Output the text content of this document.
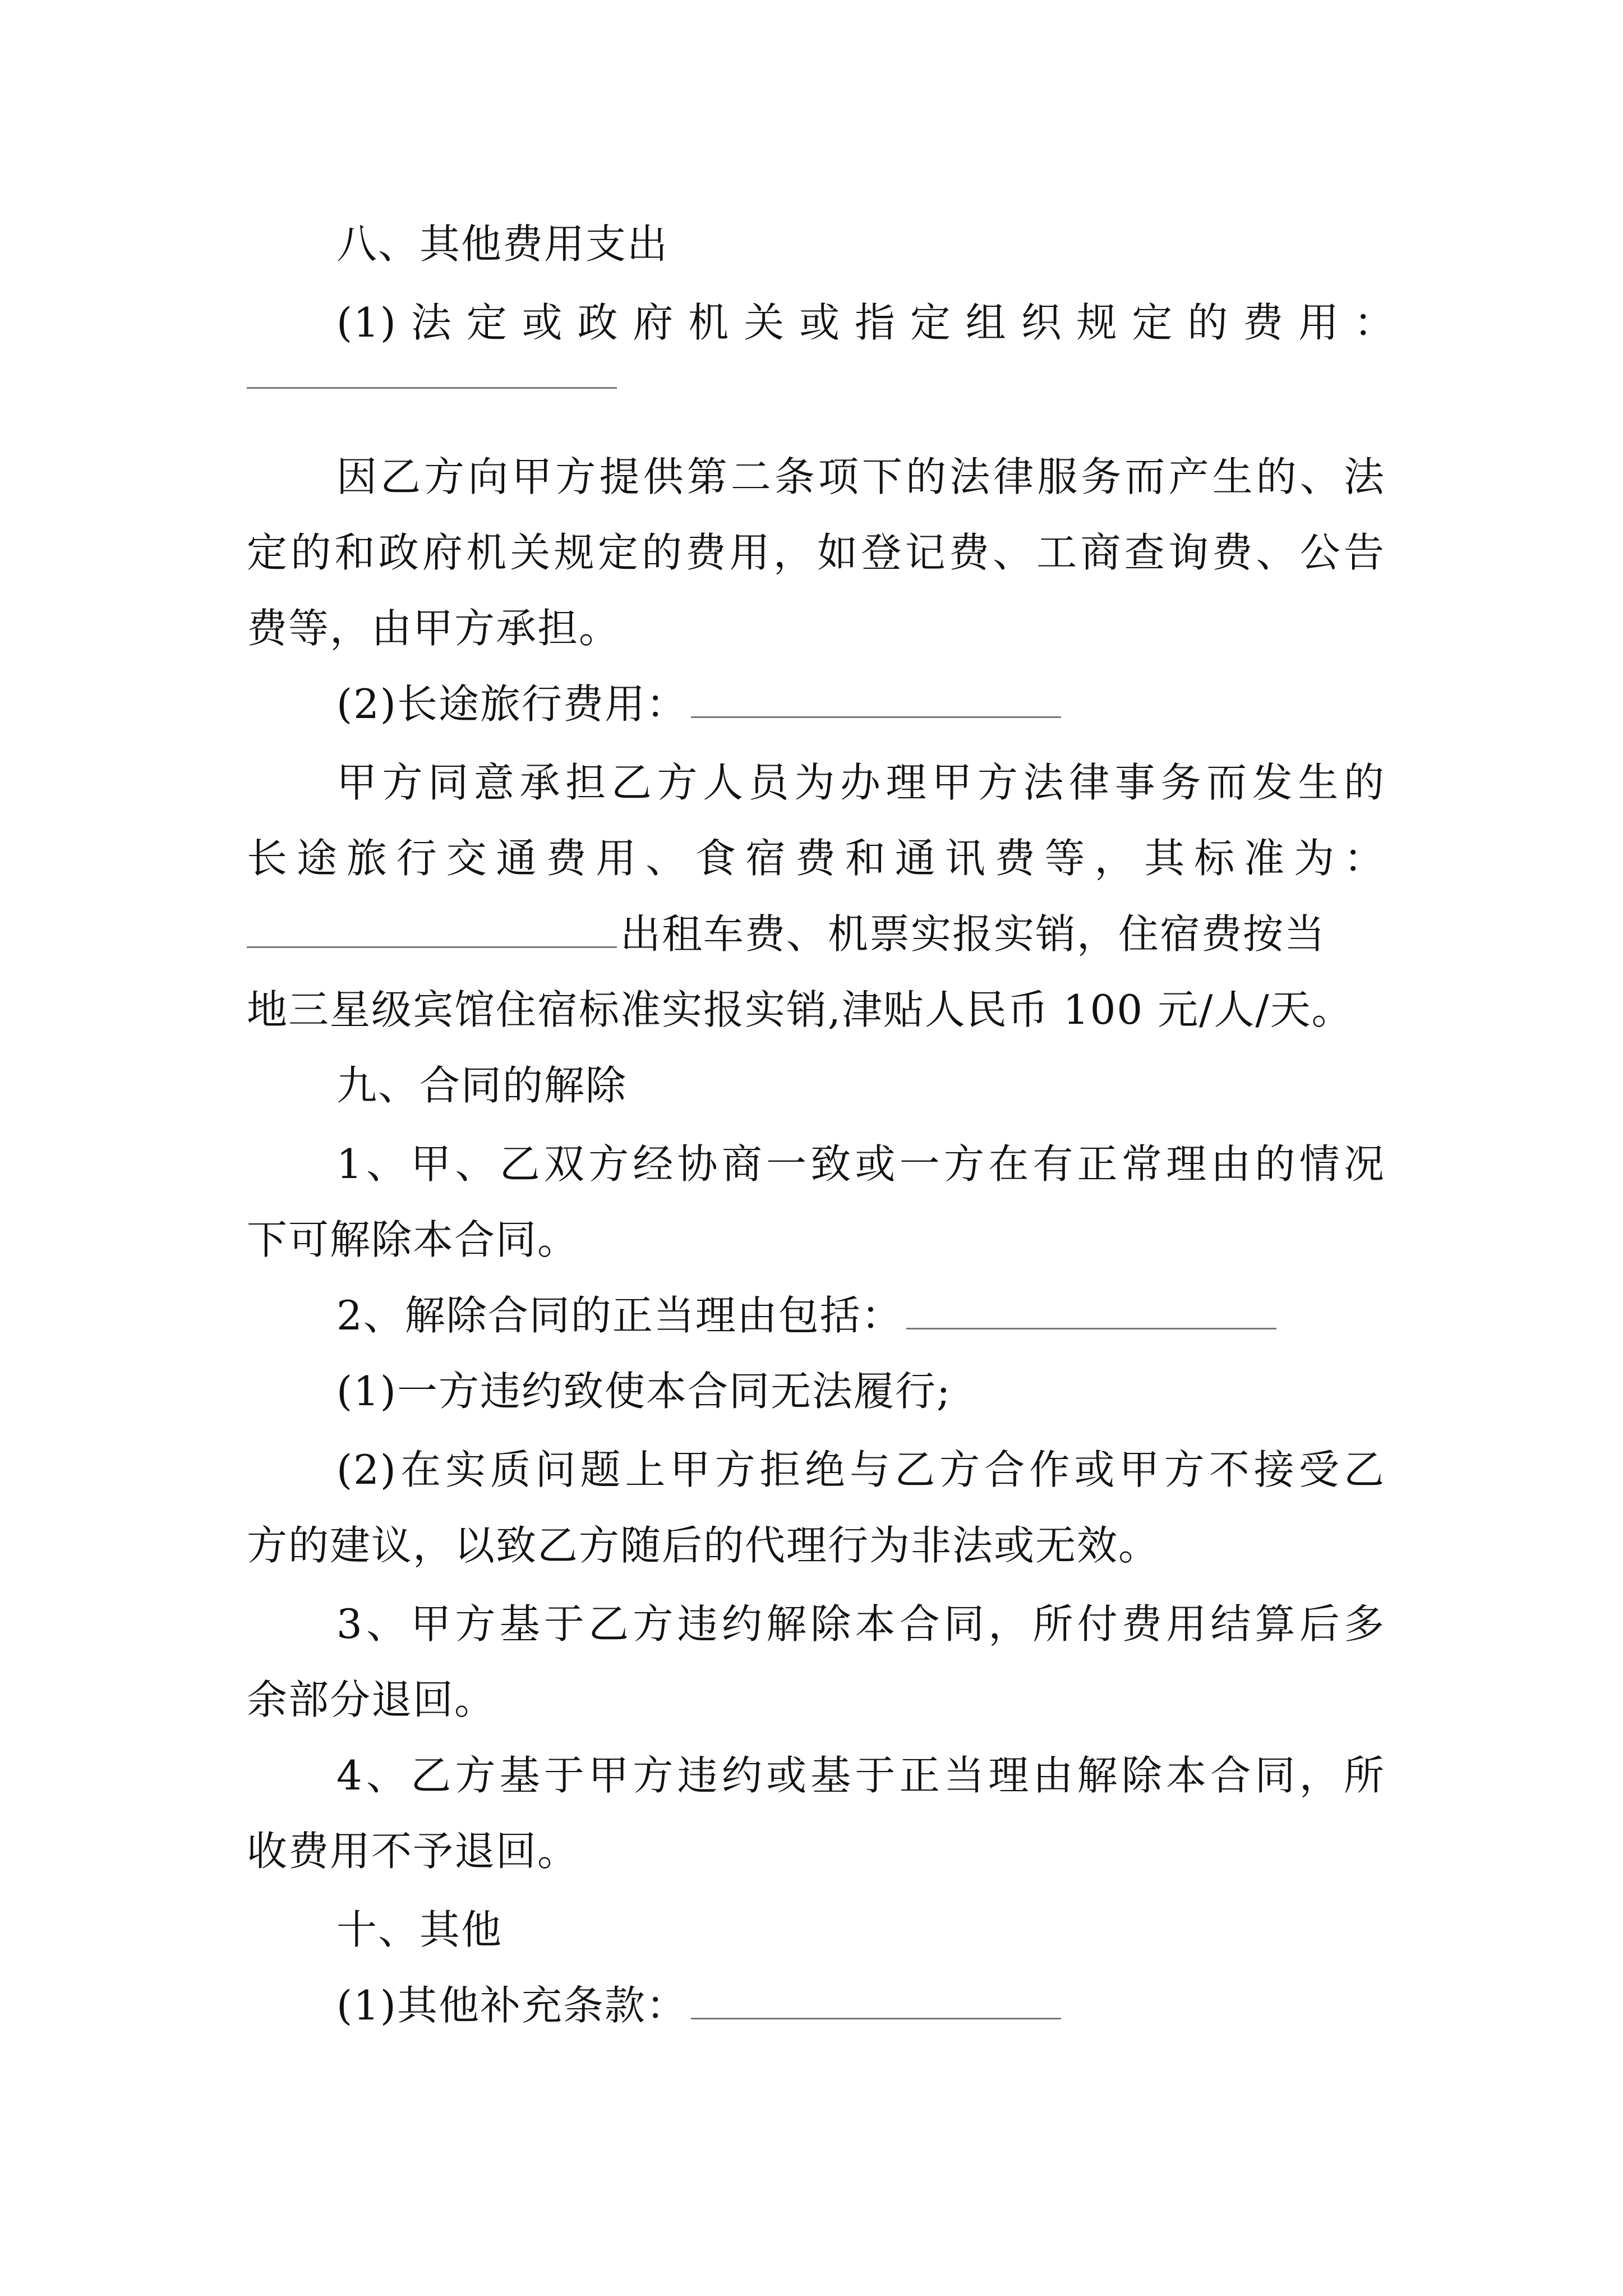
八、其他费用支出
(1) 法 定 或 政 府 机 关 或 指 定 组 织 规 定 的 费 用 ：
因乙方向甲方提供第二条项下的法律服务而产生的、法
定的和政府机关规定的费用，如登记费、工商查询费、公告
费等，由甲方承担。
(2)长途旅行费用：
甲方同意承担乙方人员为办理甲方法律事务而发生的
长途旅行交通费用、食宿费和通讯费等，其标准为：
出租车费、机票实报实销，住宿费按当
地三星级宾馆住宿标准实报实销,津贴人民币 100 元/人/天。
九、合同的解除
1、甲、乙双方经协商一致或一方在有正常理由的情况
下可解除本合同。
2、解除合同的正当理由包括：
(1)一方违约致使本合同无法履行;
(2)在实质问题上甲方拒绝与乙方合作或甲方不接受乙
方的建议，以致乙方随后的代理行为非法或无效。
3、甲方基于乙方违约解除本合同，所付费用结算后多
余部分退回。
4、乙方基于甲方违约或基于正当理由解除本合同，所
收费用不予退回。
十、其他
(1)其他补充条款：
